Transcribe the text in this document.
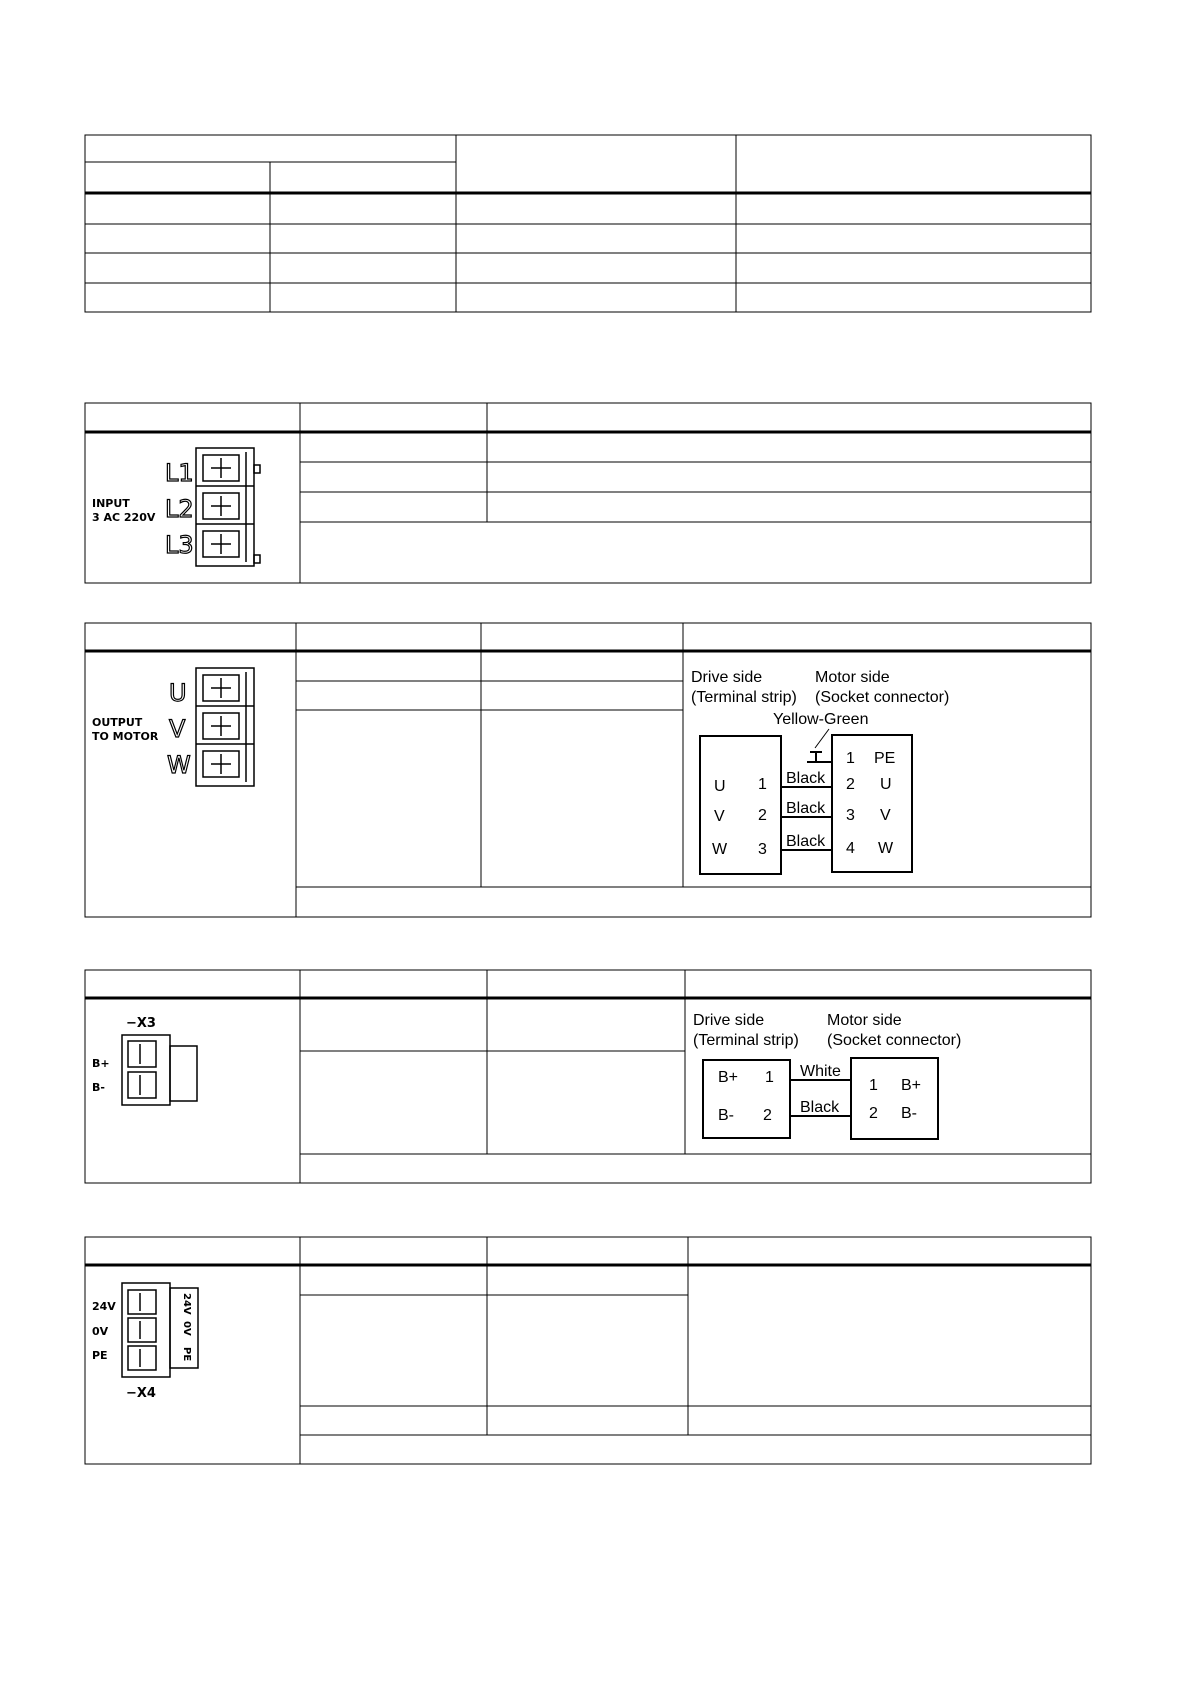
INPUT
3 AC 220V
L1
L2
L3
OUTPUT
TO MOTOR
U
V
W
Drive side
(Terminal strip)
Motor side
(Socket connector)
Yellow-Green
U 1
V 2
W 3
Black
Black
Black
1 PE
2 U
3 V
4 W
−X3
B+
B-
Drive side
(Terminal strip)
Motor side
(Socket connector)
B+ 1
B- 2
White
Black
1 B+
2 B-
24V
0V
PE
24V
0V
PE
−X4
